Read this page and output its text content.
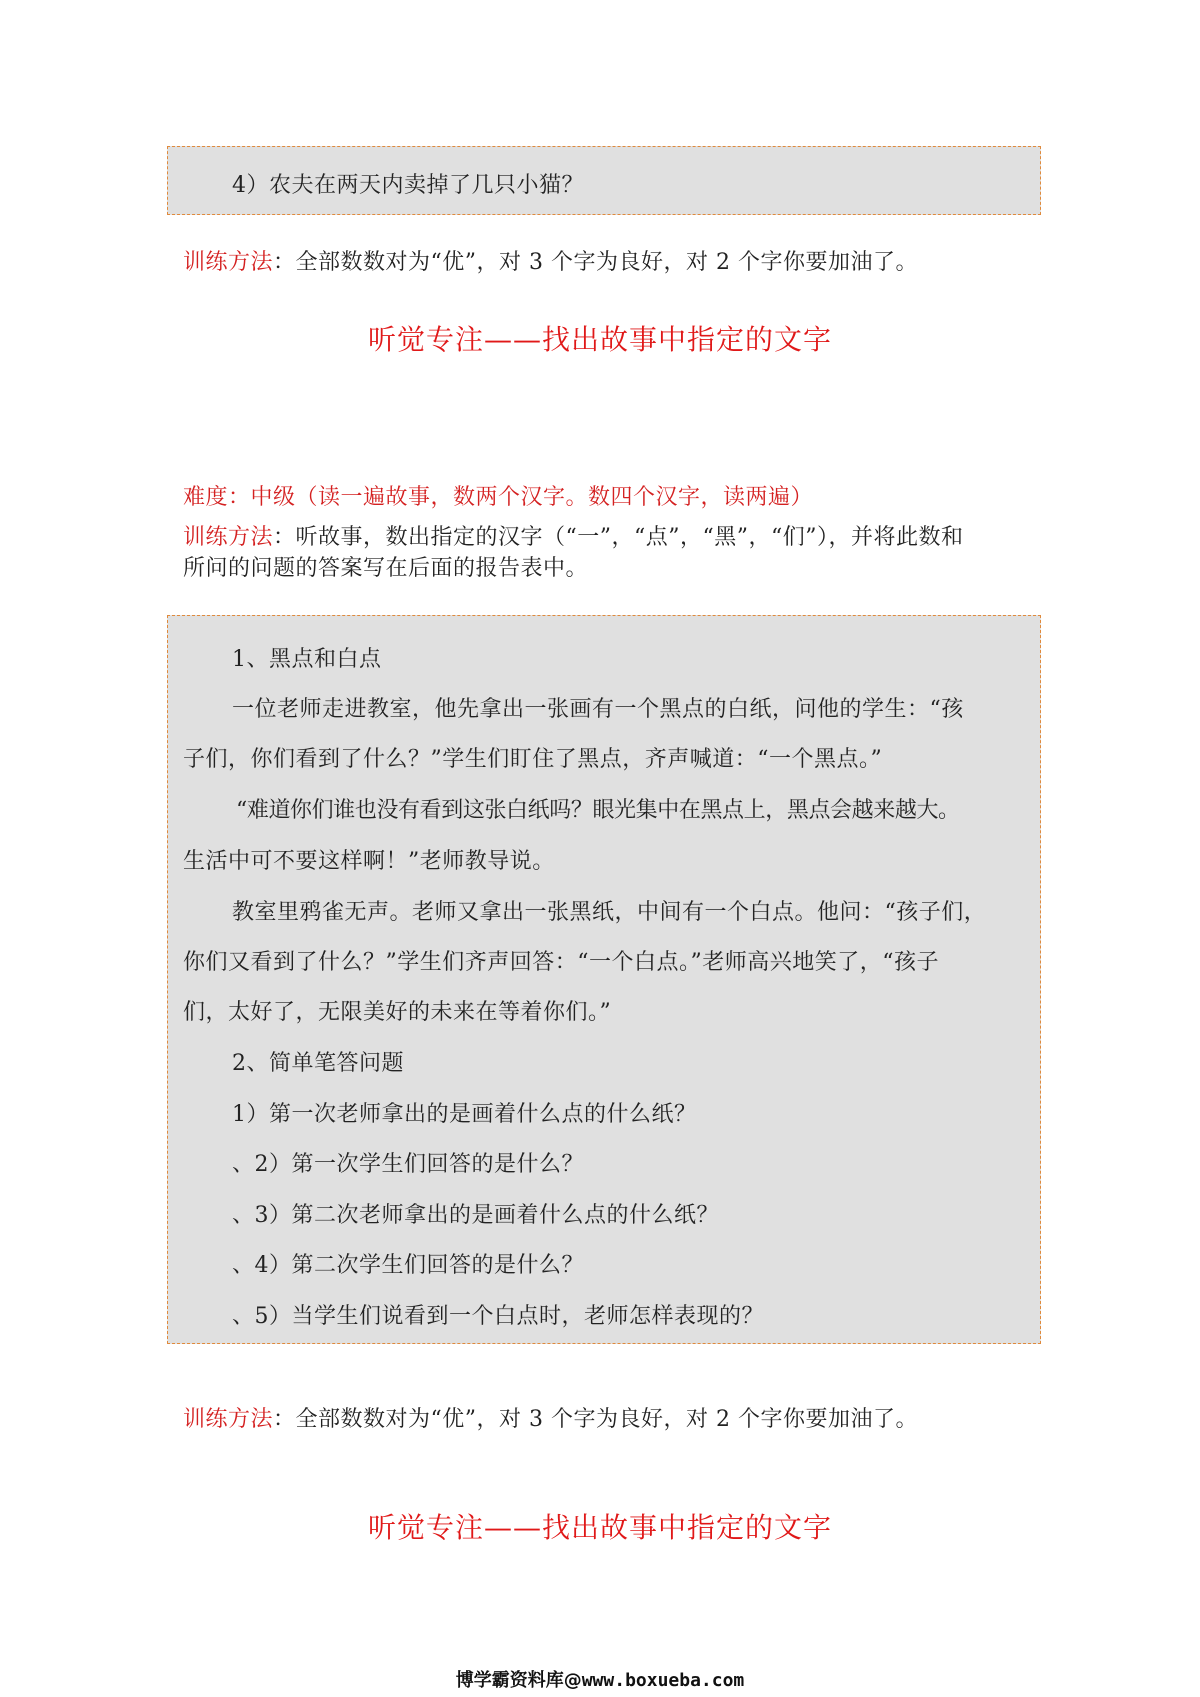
4）农夫在两天内卖掉了几只小猫？
训练方法：全部数数对为“优”，对 3 个字为良好，对 2 个字你要加油了。
听觉专注——找出故事中指定的文字
难度：中级（读一遍故事，数两个汉字。数四个汉字，读两遍）
训练方法：听故事，数出指定的汉字（“一”，“点”，“黑”，“们”），并将此数和
所问的问题的答案写在后面的报告表中。
1、黑点和白点
一位老师走进教室，他先拿出一张画有一个黑点的白纸，问他的学生：“孩
子们，你们看到了什么？”学生们盯住了黑点，齐声喊道：“一个黑点。”
“难道你们谁也没有看到这张白纸吗？眼光集中在黑点上，黑点会越来越大。
生活中可不要这样啊！”老师教导说。
教室里鸦雀无声。老师又拿出一张黑纸，中间有一个白点。他问：“孩子们，
你们又看到了什么？”学生们齐声回答：“一个白点。”老师高兴地笑了，“孩子
们，太好了，无限美好的未来在等着你们。”
2、简单笔答问题
1）第一次老师拿出的是画着什么点的什么纸？
、2）第一次学生们回答的是什么？
、3）第二次老师拿出的是画着什么点的什么纸？
、4）第二次学生们回答的是什么？
、5）当学生们说看到一个白点时，老师怎样表现的？
训练方法：全部数数对为“优”，对 3 个字为良好，对 2 个字你要加油了。
听觉专注——找出故事中指定的文字
博学霸资料库@www.boxueba.com
